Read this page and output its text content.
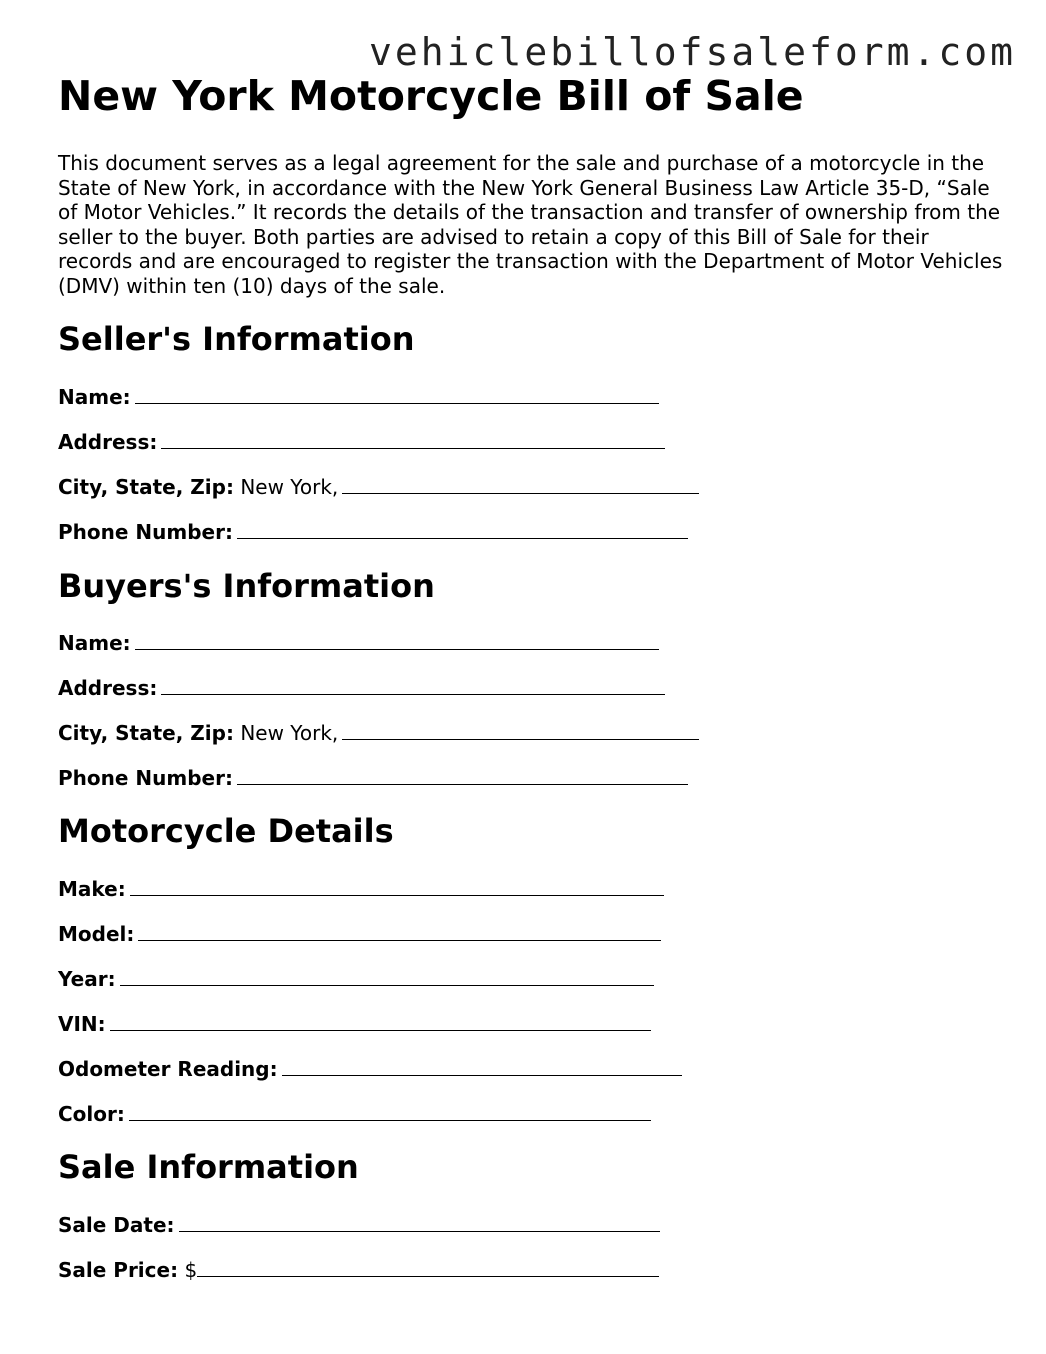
vehiclebillofsaleform.com
New York Motorcycle Bill of Sale

This document serves as a legal agreement for the sale and purchase of a motorcycle in the State of New York, in accordance with the New York General Business Law Article 35-D, “Sale of Motor Vehicles.” It records the details of the transaction and transfer of ownership from the seller to the buyer. Both parties are advised to retain a copy of this Bill of Sale for their records and are encouraged to register the transaction with the Department of Motor Vehicles (DMV) within ten (10) days of the sale.

Seller's Information
Name:
Address:
City, State, Zip: New York,
Phone Number:
Buyers's Information
Name:
Address:
City, State, Zip: New York,
Phone Number:
Motorcycle Details
Make:
Model:
Year:
VIN:
Odometer Reading:
Color:
Sale Information
Sale Date:
Sale Price: $
